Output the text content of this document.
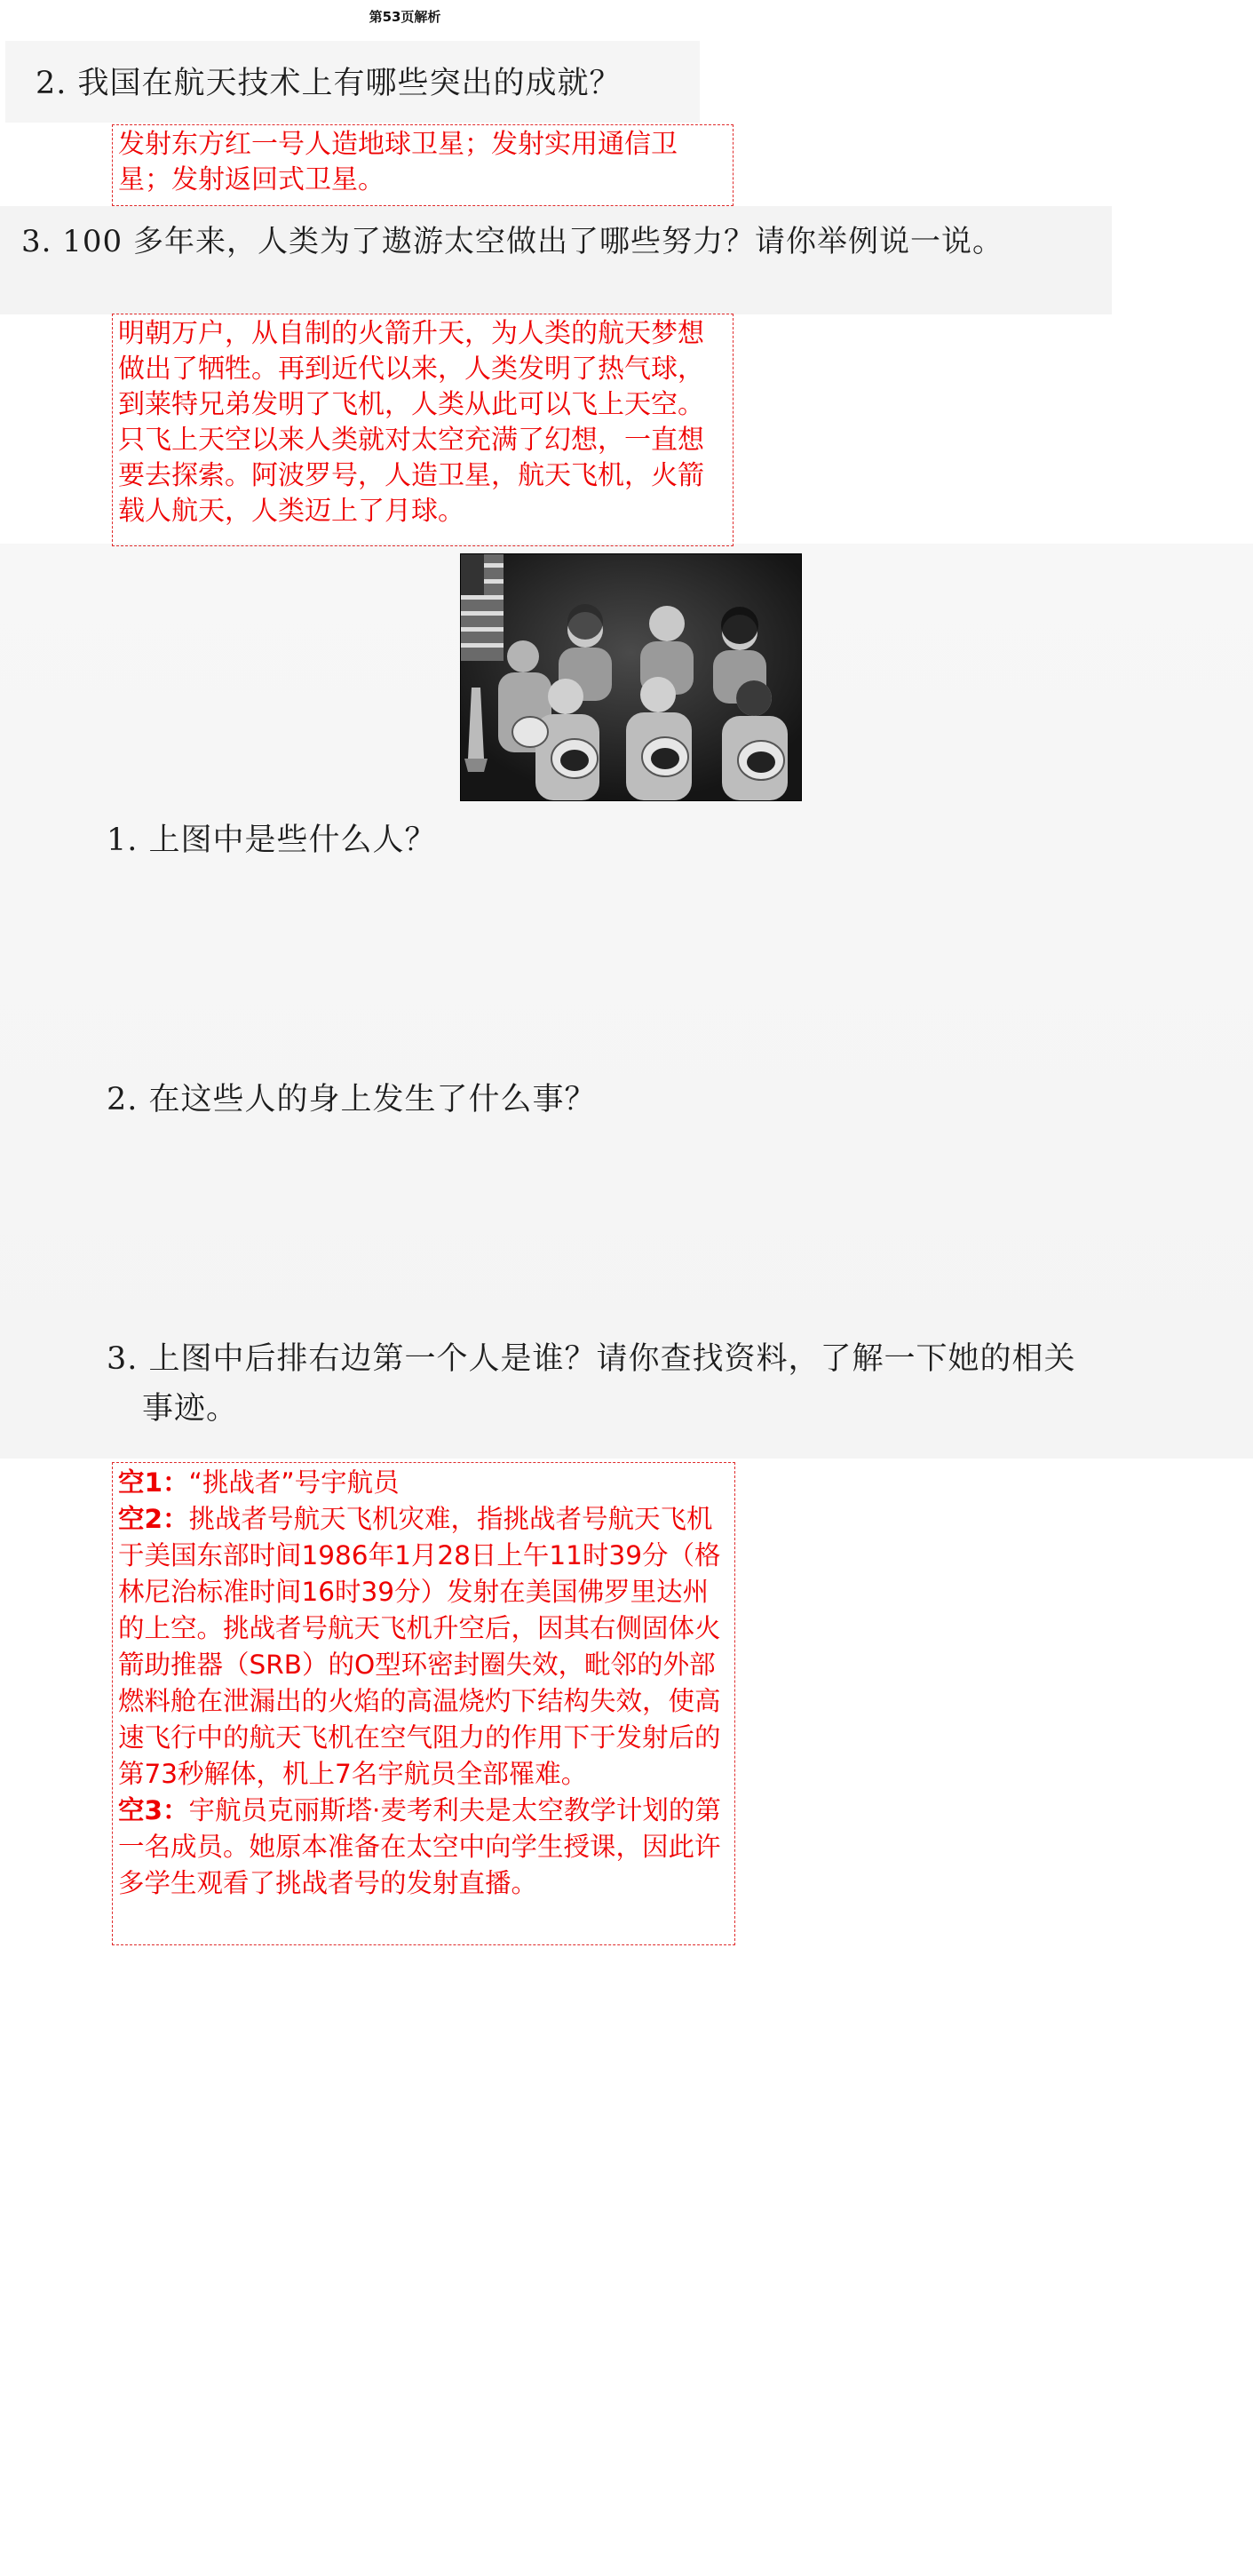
第53页解析
2. 我国在航天技术上有哪些突出的成就？
发射东方红一号人造地球卫星；发射实用通信卫星；发射返回式卫星。
3. 100 多年来，人类为了遨游太空做出了哪些努力？请你举例说一说。
明朝万户，从自制的火箭升天，为人类的航天梦想做出了牺牲。再到近代以来，人类发明了热气球，到莱特兄弟发明了飞机，人类从此可以飞上天空。只飞上天空以来人类就对太空充满了幻想，一直想要去探索。阿波罗号，人造卫星，航天飞机，火箭载人航天，人类迈上了月球。
1. 上图中是些什么人？
2. 在这些人的身上发生了什么事？
3. 上图中后排右边第一个人是谁？请你查找资料，了解一下她的相关
事迹。
空1：“挑战者”号宇航员
空2：挑战者号航天飞机灾难，指挑战者号航天飞机于美国东部时间1986年1月28日上午11时39分（格林尼治标准时间16时39分）发射在美国佛罗里达州的上空。挑战者号航天飞机升空后，因其右侧固体火箭助推器（SRB）的O型环密封圈失效，毗邻的外部燃料舱在泄漏出的火焰的高温烧灼下结构失效，使高速飞行中的航天飞机在空气阻力的作用下于发射后的第73秒解体，机上7名宇航员全部罹难。
空3：宇航员克丽斯塔·麦考利夫是太空教学计划的第一名成员。她原本准备在太空中向学生授课，因此许多学生观看了挑战者号的发射直播。
